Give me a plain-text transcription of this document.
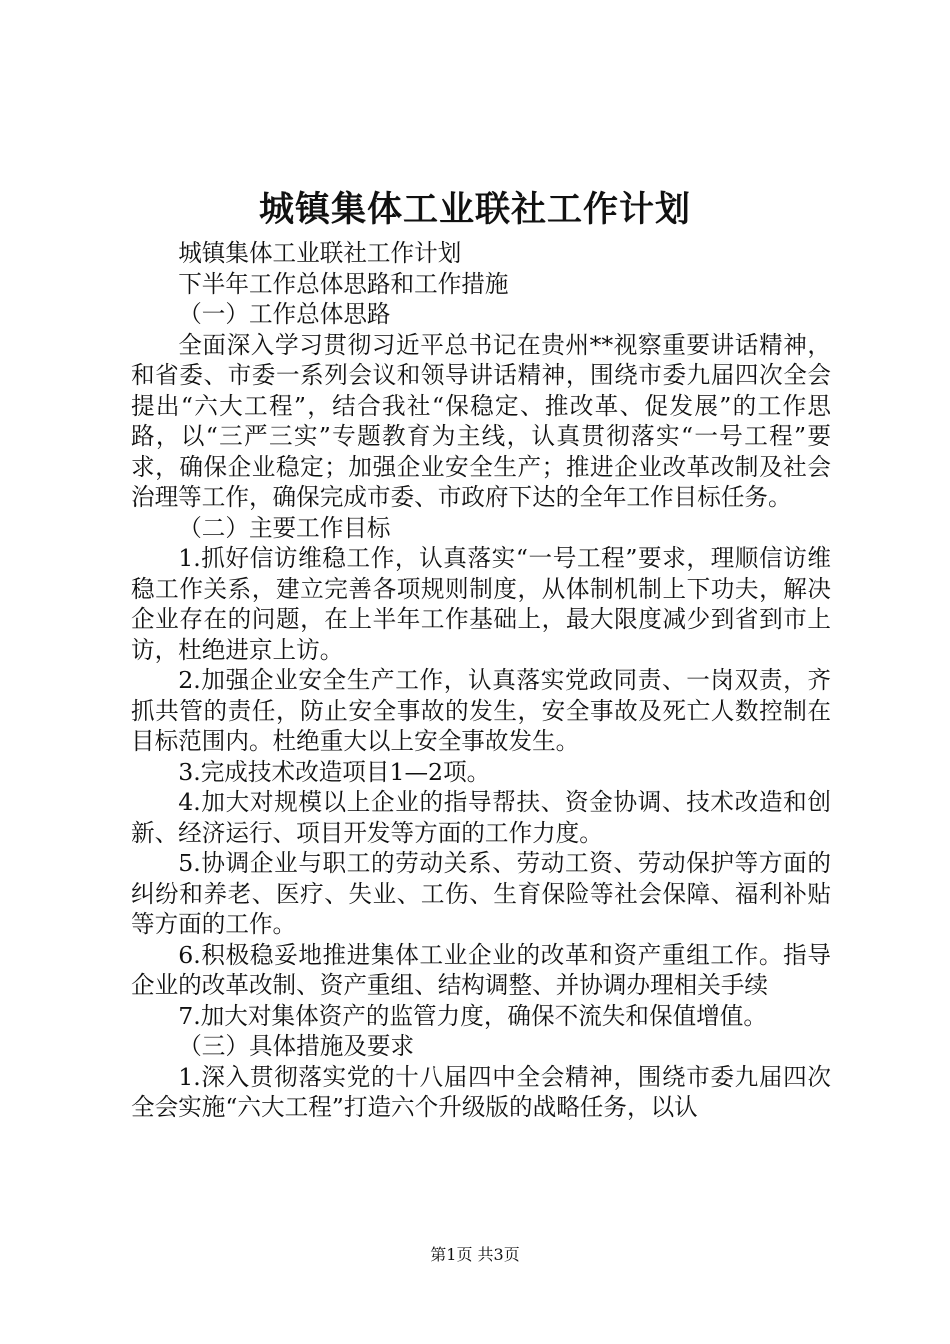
城镇集体工业联社工作计划

城镇集体工业联社工作计划

下半年工作总体思路和工作措施

（一）工作总体思路

全面深入学习贯彻习近平总书记在贵州**视察重要讲话精神，和省委、市委一系列会议和领导讲话精神，围绕市委九届四次全会提出“六大工程”，结合我社“保稳定、推改革、促发展”的工作思路，以“三严三实”专题教育为主线，认真贯彻落实“一号工程”要求，确保企业稳定；加强企业安全生产；推进企业改革改制及社会治理等工作，确保完成市委、市政府下达的全年工作目标任务。

（二）主要工作目标

1.抓好信访维稳工作，认真落实“一号工程”要求，理顺信访维稳工作关系，建立完善各项规则制度，从体制机制上下功夫，解决企业存在的问题，在上半年工作基础上，最大限度减少到省到市上访，杜绝进京上访。

2.加强企业安全生产工作，认真落实党政同责、一岗双责，齐抓共管的责任，防止安全事故的发生，安全事故及死亡人数控制在目标范围内。杜绝重大以上安全事故发生。

3.完成技术改造项目1—2项。

4.加大对规模以上企业的指导帮扶、资金协调、技术改造和创新、经济运行、项目开发等方面的工作力度。

5.协调企业与职工的劳动关系、劳动工资、劳动保护等方面的纠纷和养老、医疗、失业、工伤、生育保险等社会保障、福利补贴等方面的工作。

6.积极稳妥地推进集体工业企业的改革和资产重组工作。指导企业的改革改制、资产重组、结构调整、并协调办理相关手续

7.加大对集体资产的监管力度，确保不流失和保值增值。

（三）具体措施及要求

1.深入贯彻落实党的十八届四中全会精神，围绕市委九届四次全会实施“六大工程”打造六个升级版的战略任务，以认

第1页 共3页
